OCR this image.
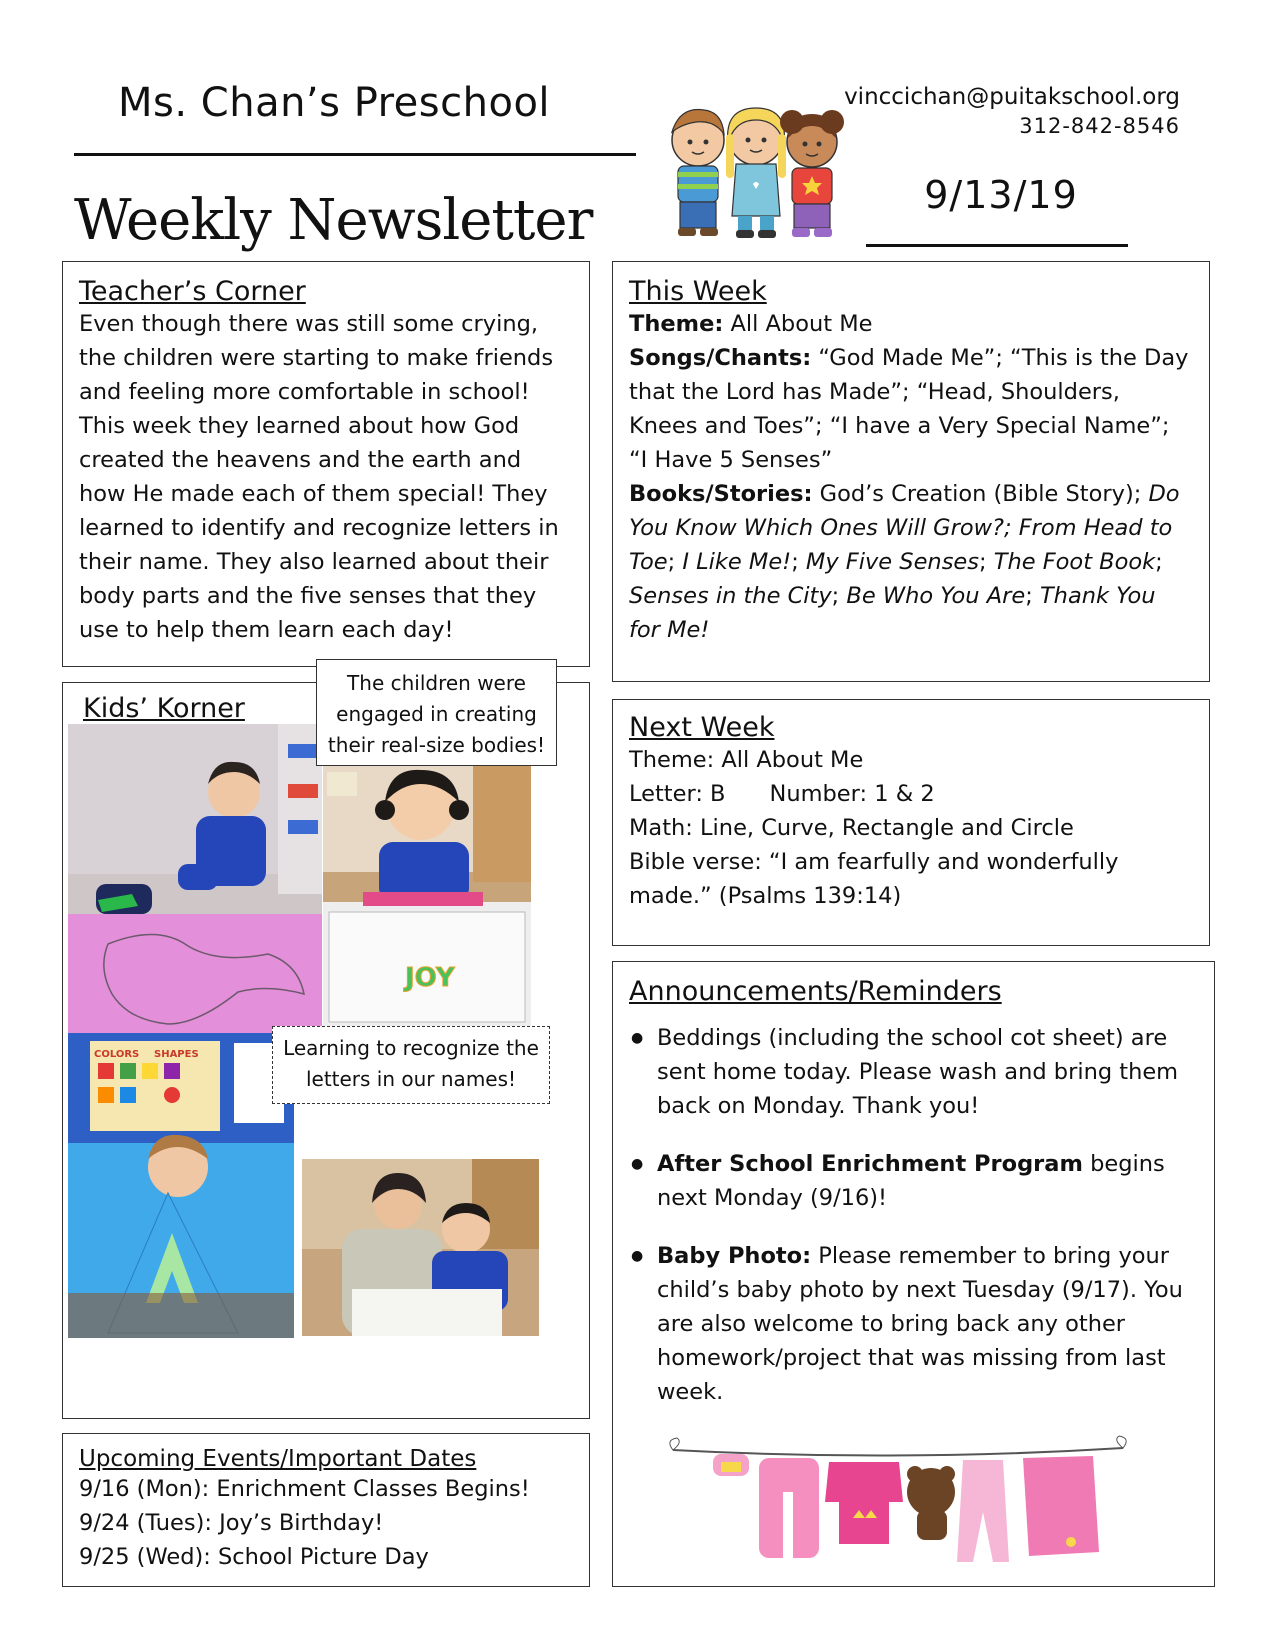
Ms. Chan’s Preschool
Weekly Newsletter
vinccichan@puitakschool.org
312-842-8546
9/13/19
Teacher’s Corner

Even though there was still some crying, the children were starting to make friends and feeling more comfortable in school! This week they learned about how God created the heavens and the earth and how He made each of them special! They learned to identify and recognize letters in their name. They also learned about their body parts and the five senses that they use to help them learn each day!

This Week

Theme: All About Me

Songs/Chants: “God Made Me”; “This is the Day that the Lord has Made”; “Head, Shoulders, Knees and Toes”; “I have a Very Special Name”; “I Have 5 Senses”

Books/Stories: God’s Creation (Bible Story); Do You Know Which Ones Will Grow?; From Head to Toe; I Like Me!; My Five Senses; The Foot Book; Senses in the City; Be Who You Are; Thank You for Me!

Kids’ Korner
JOY
COLORS SHAPES
The children were engaged in creating their real-size bodies!
Learning to recognize the letters in our names!
Next Week

Theme: All About Me

Letter: B Number: 1 & 2

Math: Line, Curve, Rectangle and Circle

Bible verse: “I am fearfully and wonderfully made.” (Psalms 139:14)

Announcements/Reminders
● Beddings (including the school cot sheet) are sent home today. Please wash and bring them back on Monday. Thank you!
● After School Enrichment Program begins next Monday (9/16)!
● Baby Photo: Please remember to bring your child’s baby photo by next Tuesday (9/17). You are also welcome to bring back any other homework/project that was missing from last week.
Upcoming Events/Important Dates

9/16 (Mon): Enrichment Classes Begins!

9/24 (Tues): Joy’s Birthday!

9/25 (Wed): School Picture Day
